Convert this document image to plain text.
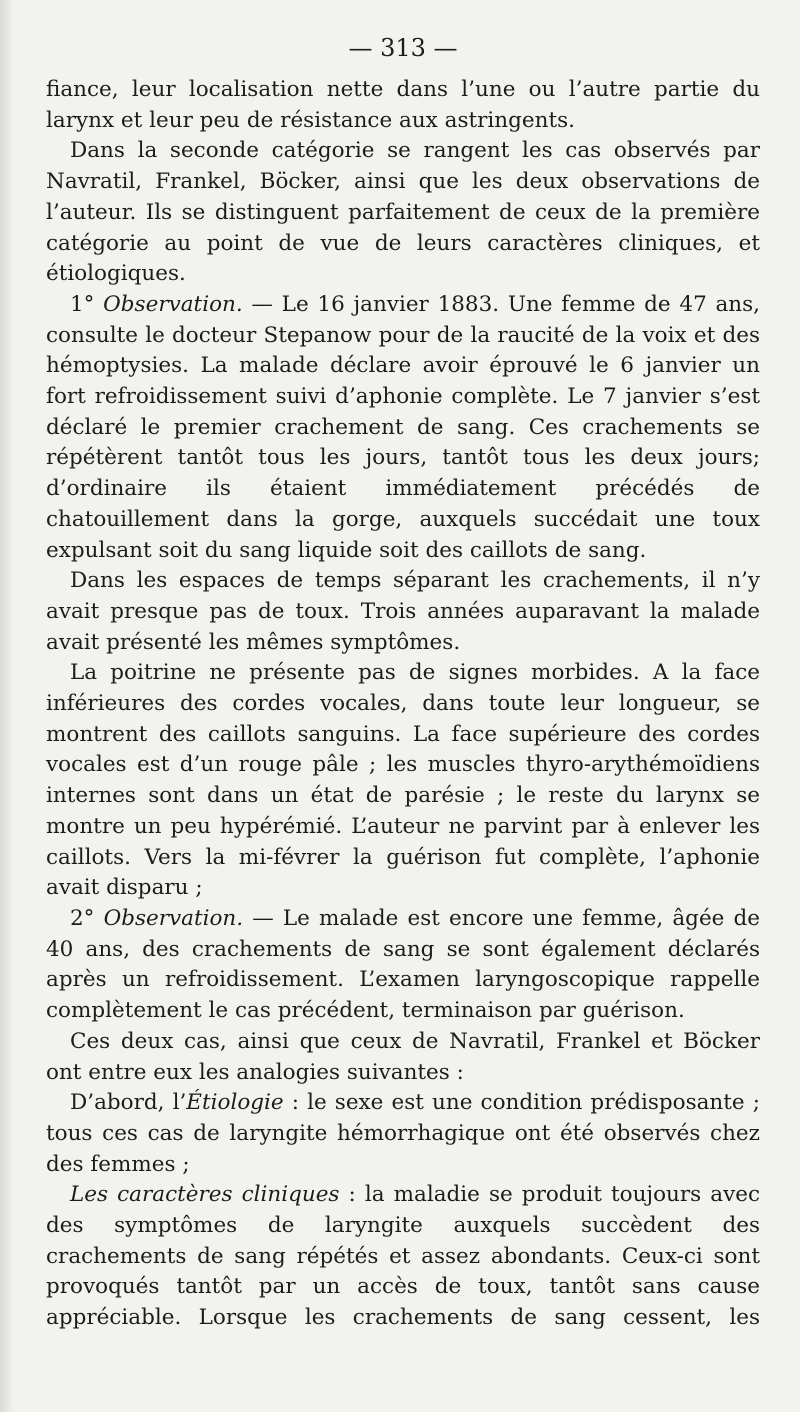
— 313 —

fiance, leur localisation nette dans l’une ou l’autre partie du larynx et leur peu de résistance aux astringents.

Dans la seconde catégorie se rangent les cas observés par Navratil, Frankel, Böcker, ainsi que les deux observations de l’auteur. Ils se distinguent parfaitement de ceux de la première catégorie au point de vue de leurs caractères cliniques, et étiologiques.

1° Observation. — Le 16 janvier 1883. Une femme de 47 ans, consulte le docteur Stepanow pour de la raucité de la voix et des hémoptysies. La malade déclare avoir éprouvé le 6 janvier un fort refroidissement suivi d’aphonie complète. Le 7 janvier s’est déclaré le premier crachement de sang. Ces crachements se répétèrent tantôt tous les jours, tantôt tous les deux jours; d’ordinaire ils étaient immédiatement précédés de chatouillement dans la gorge, auxquels succédait une toux expulsant soit du sang liquide soit des caillots de sang.

Dans les espaces de temps séparant les crachements, il n’y avait presque pas de toux. Trois années auparavant la malade avait présenté les mêmes symptômes.

La poitrine ne présente pas de signes morbides. A la face inférieures des cordes vocales, dans toute leur longueur, se montrent des caillots sanguins. La face supérieure des cordes vocales est d’un rouge pâle ; les muscles thyro-arythémoïdiens internes sont dans un état de parésie ; le reste du larynx se montre un peu hypérémié. L’auteur ne parvint par à enlever les caillots. Vers la mi-févrer la guérison fut complète, l’aphonie avait disparu ;

2° Observation. — Le malade est encore une femme, âgée de 40 ans, des crachements de sang se sont également déclarés après un refroidissement. L’examen laryngoscopique rappelle complètement le cas précédent, terminaison par guérison.

Ces deux cas, ainsi que ceux de Navratil, Frankel et Böcker ont entre eux les analogies suivantes :

D’abord, l’Étiologie : le sexe est une condition prédisposante ; tous ces cas de laryngite hémorrhagique ont été observés chez des femmes ;

Les caractères cliniques : la maladie se produit toujours avec des symptômes de laryngite auxquels succèdent des crachements de sang répétés et assez abondants. Ceux-ci sont provoqués tantôt par un accès de toux, tantôt sans cause appréciable. Lorsque les crachements de sang cessent, les
